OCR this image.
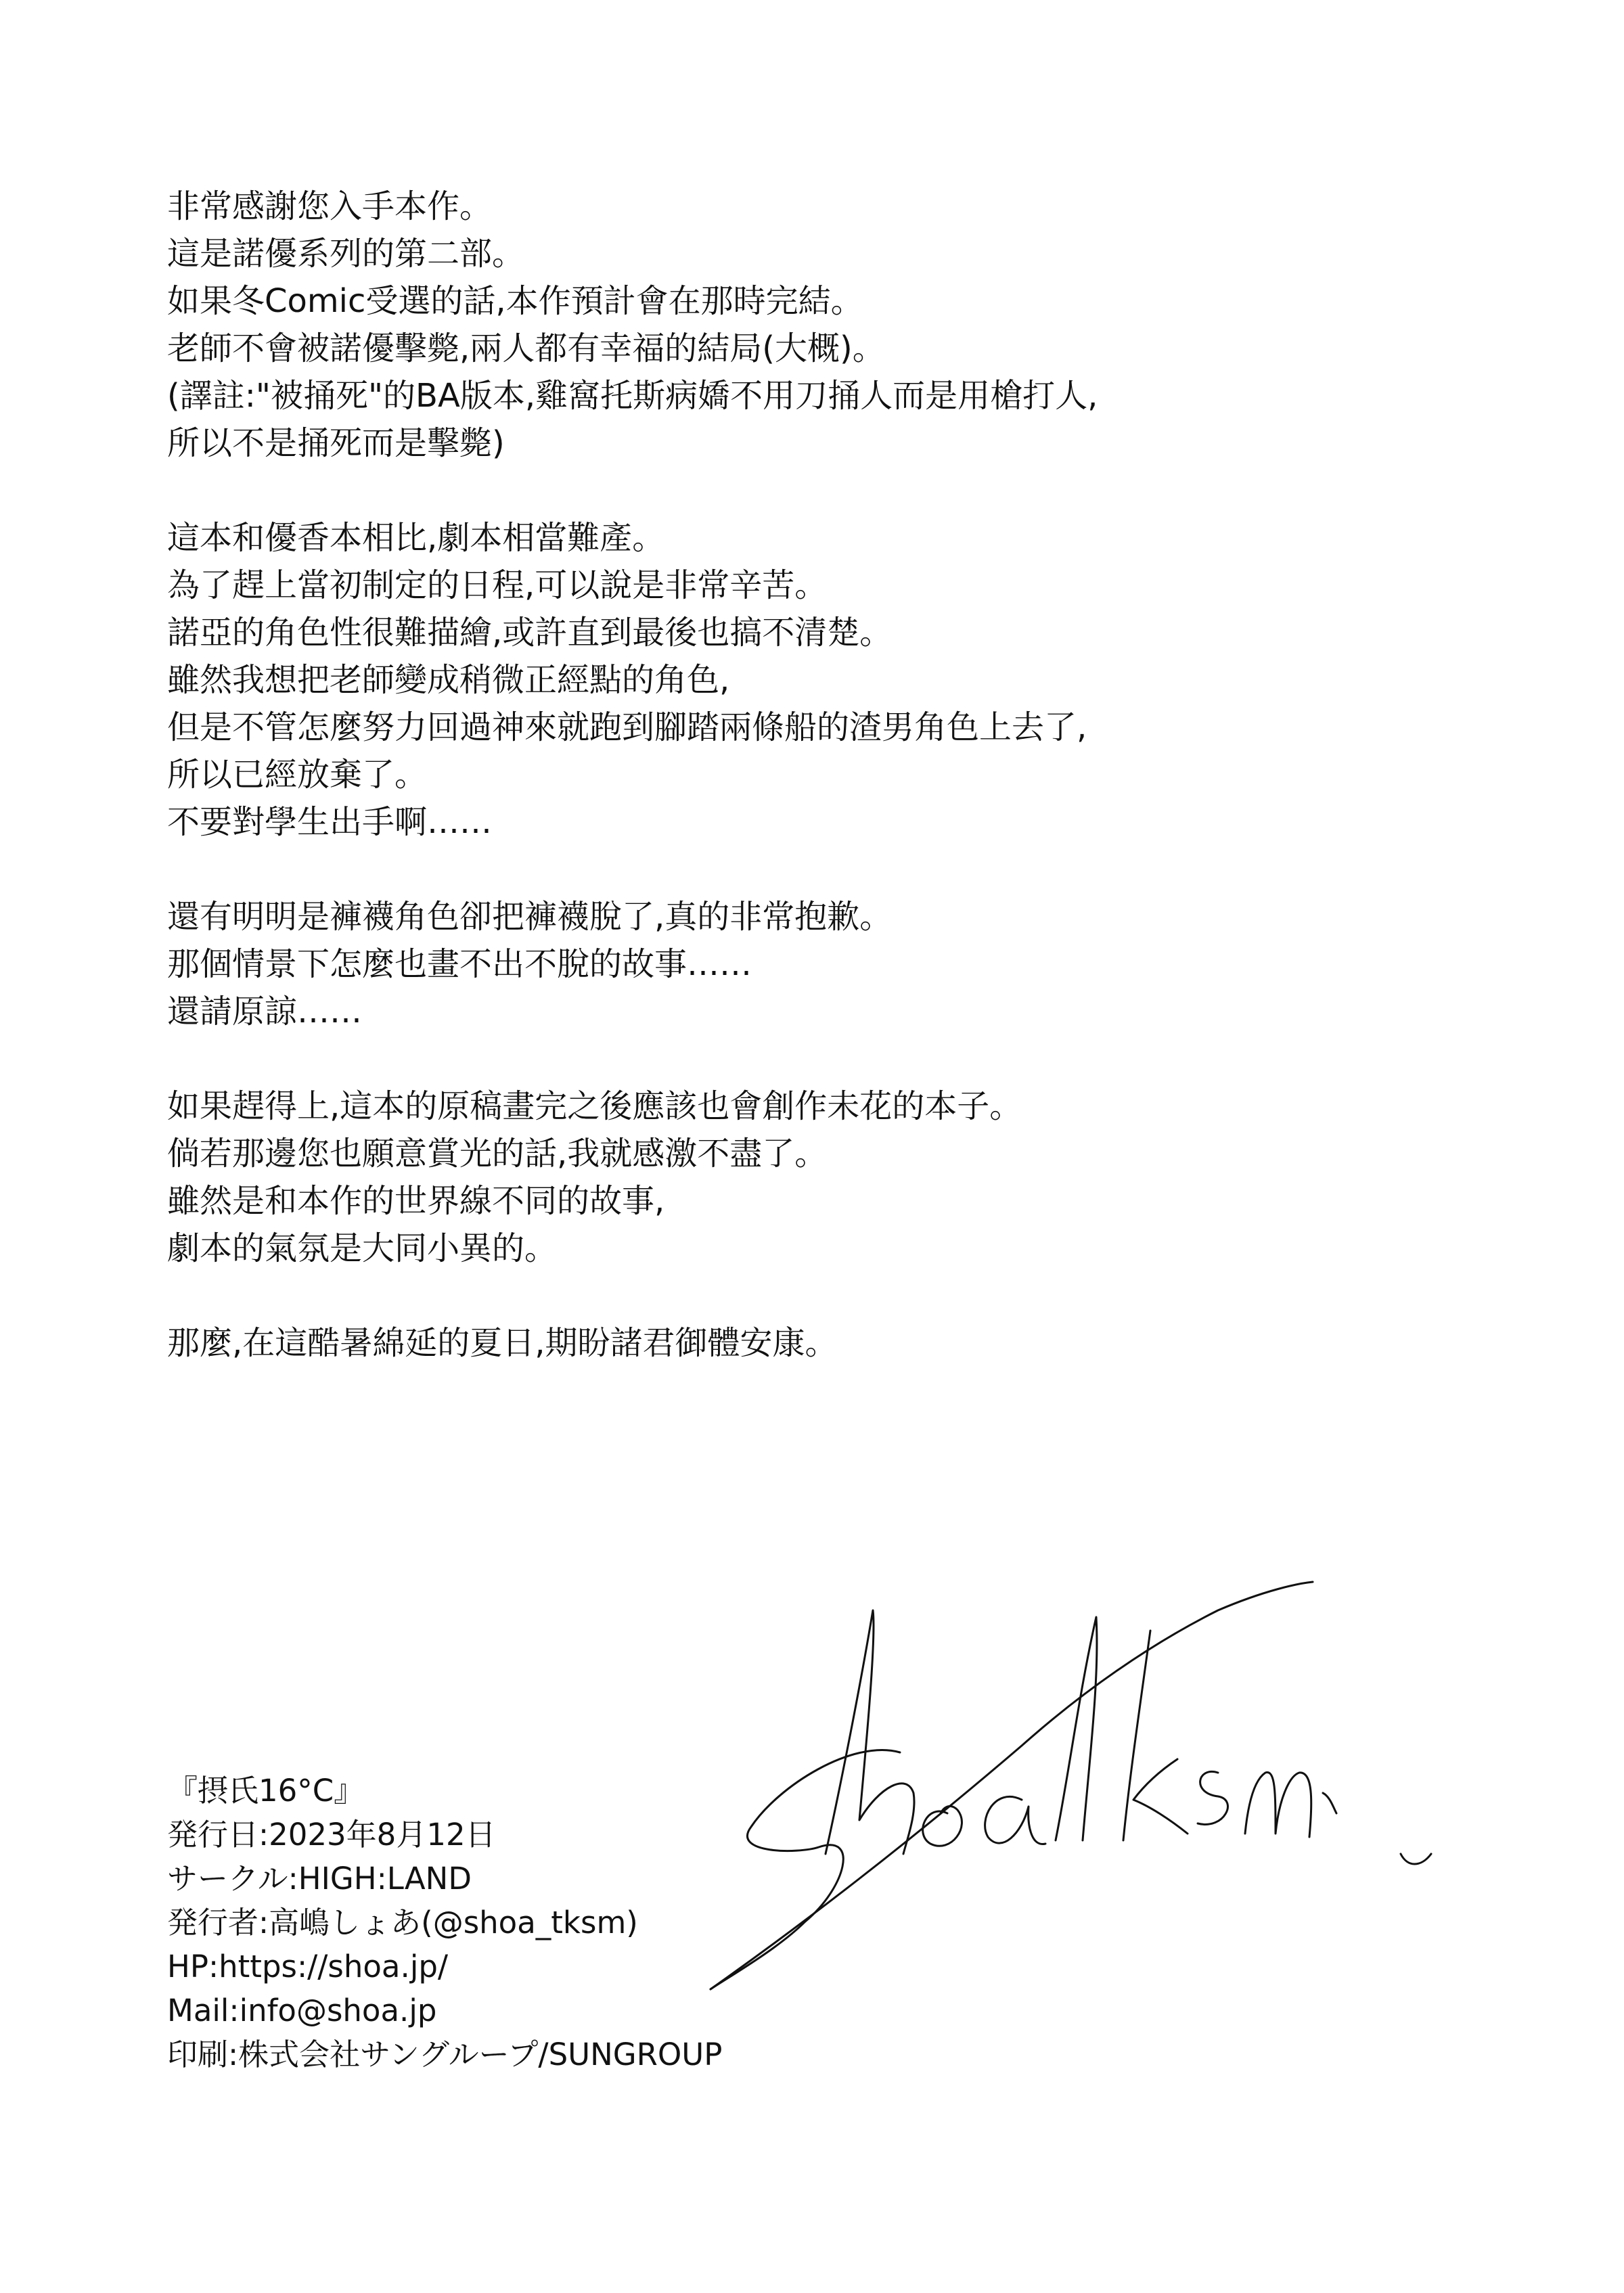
非常感謝您入手本作。
這是諾優系列的第二部。
如果冬Comic受選的話,本作預計會在那時完結。
老師不會被諾優擊斃,兩人都有幸福的結局(大概)。
(譯註:"被捅死"的BA版本,雞窩托斯病嬌不用刀捅人而是用槍打人,
所以不是捅死而是擊斃)
這本和優香本相比,劇本相當難產。
為了趕上當初制定的日程,可以說是非常辛苦。
諾亞的角色性很難描繪,或許直到最後也搞不清楚。
雖然我想把老師變成稍微正經點的角色,
但是不管怎麼努力回過神來就跑到腳踏兩條船的渣男角色上去了,
所以已經放棄了。
不要對學生出手啊……
還有明明是褲襪角色卻把褲襪脫了,真的非常抱歉。
那個情景下怎麼也畫不出不脫的故事……
還請原諒……
如果趕得上,這本的原稿畫完之後應該也會創作未花的本子。
倘若那邊您也願意賞光的話,我就感激不盡了。
雖然是和本作的世界線不同的故事,
劇本的氣氛是大同小異的。
那麼,在這酷暑綿延的夏日,期盼諸君御體安康。
『摂氏16°C』
発行日:2023年8月12日
サークル:HIGH:LAND
発行者:高嶋しょあ(@shoa_tksm)
HP:https://shoa.jp/
Mail:info@shoa.jp
印刷:株式会社サングループ/SUNGROUP
